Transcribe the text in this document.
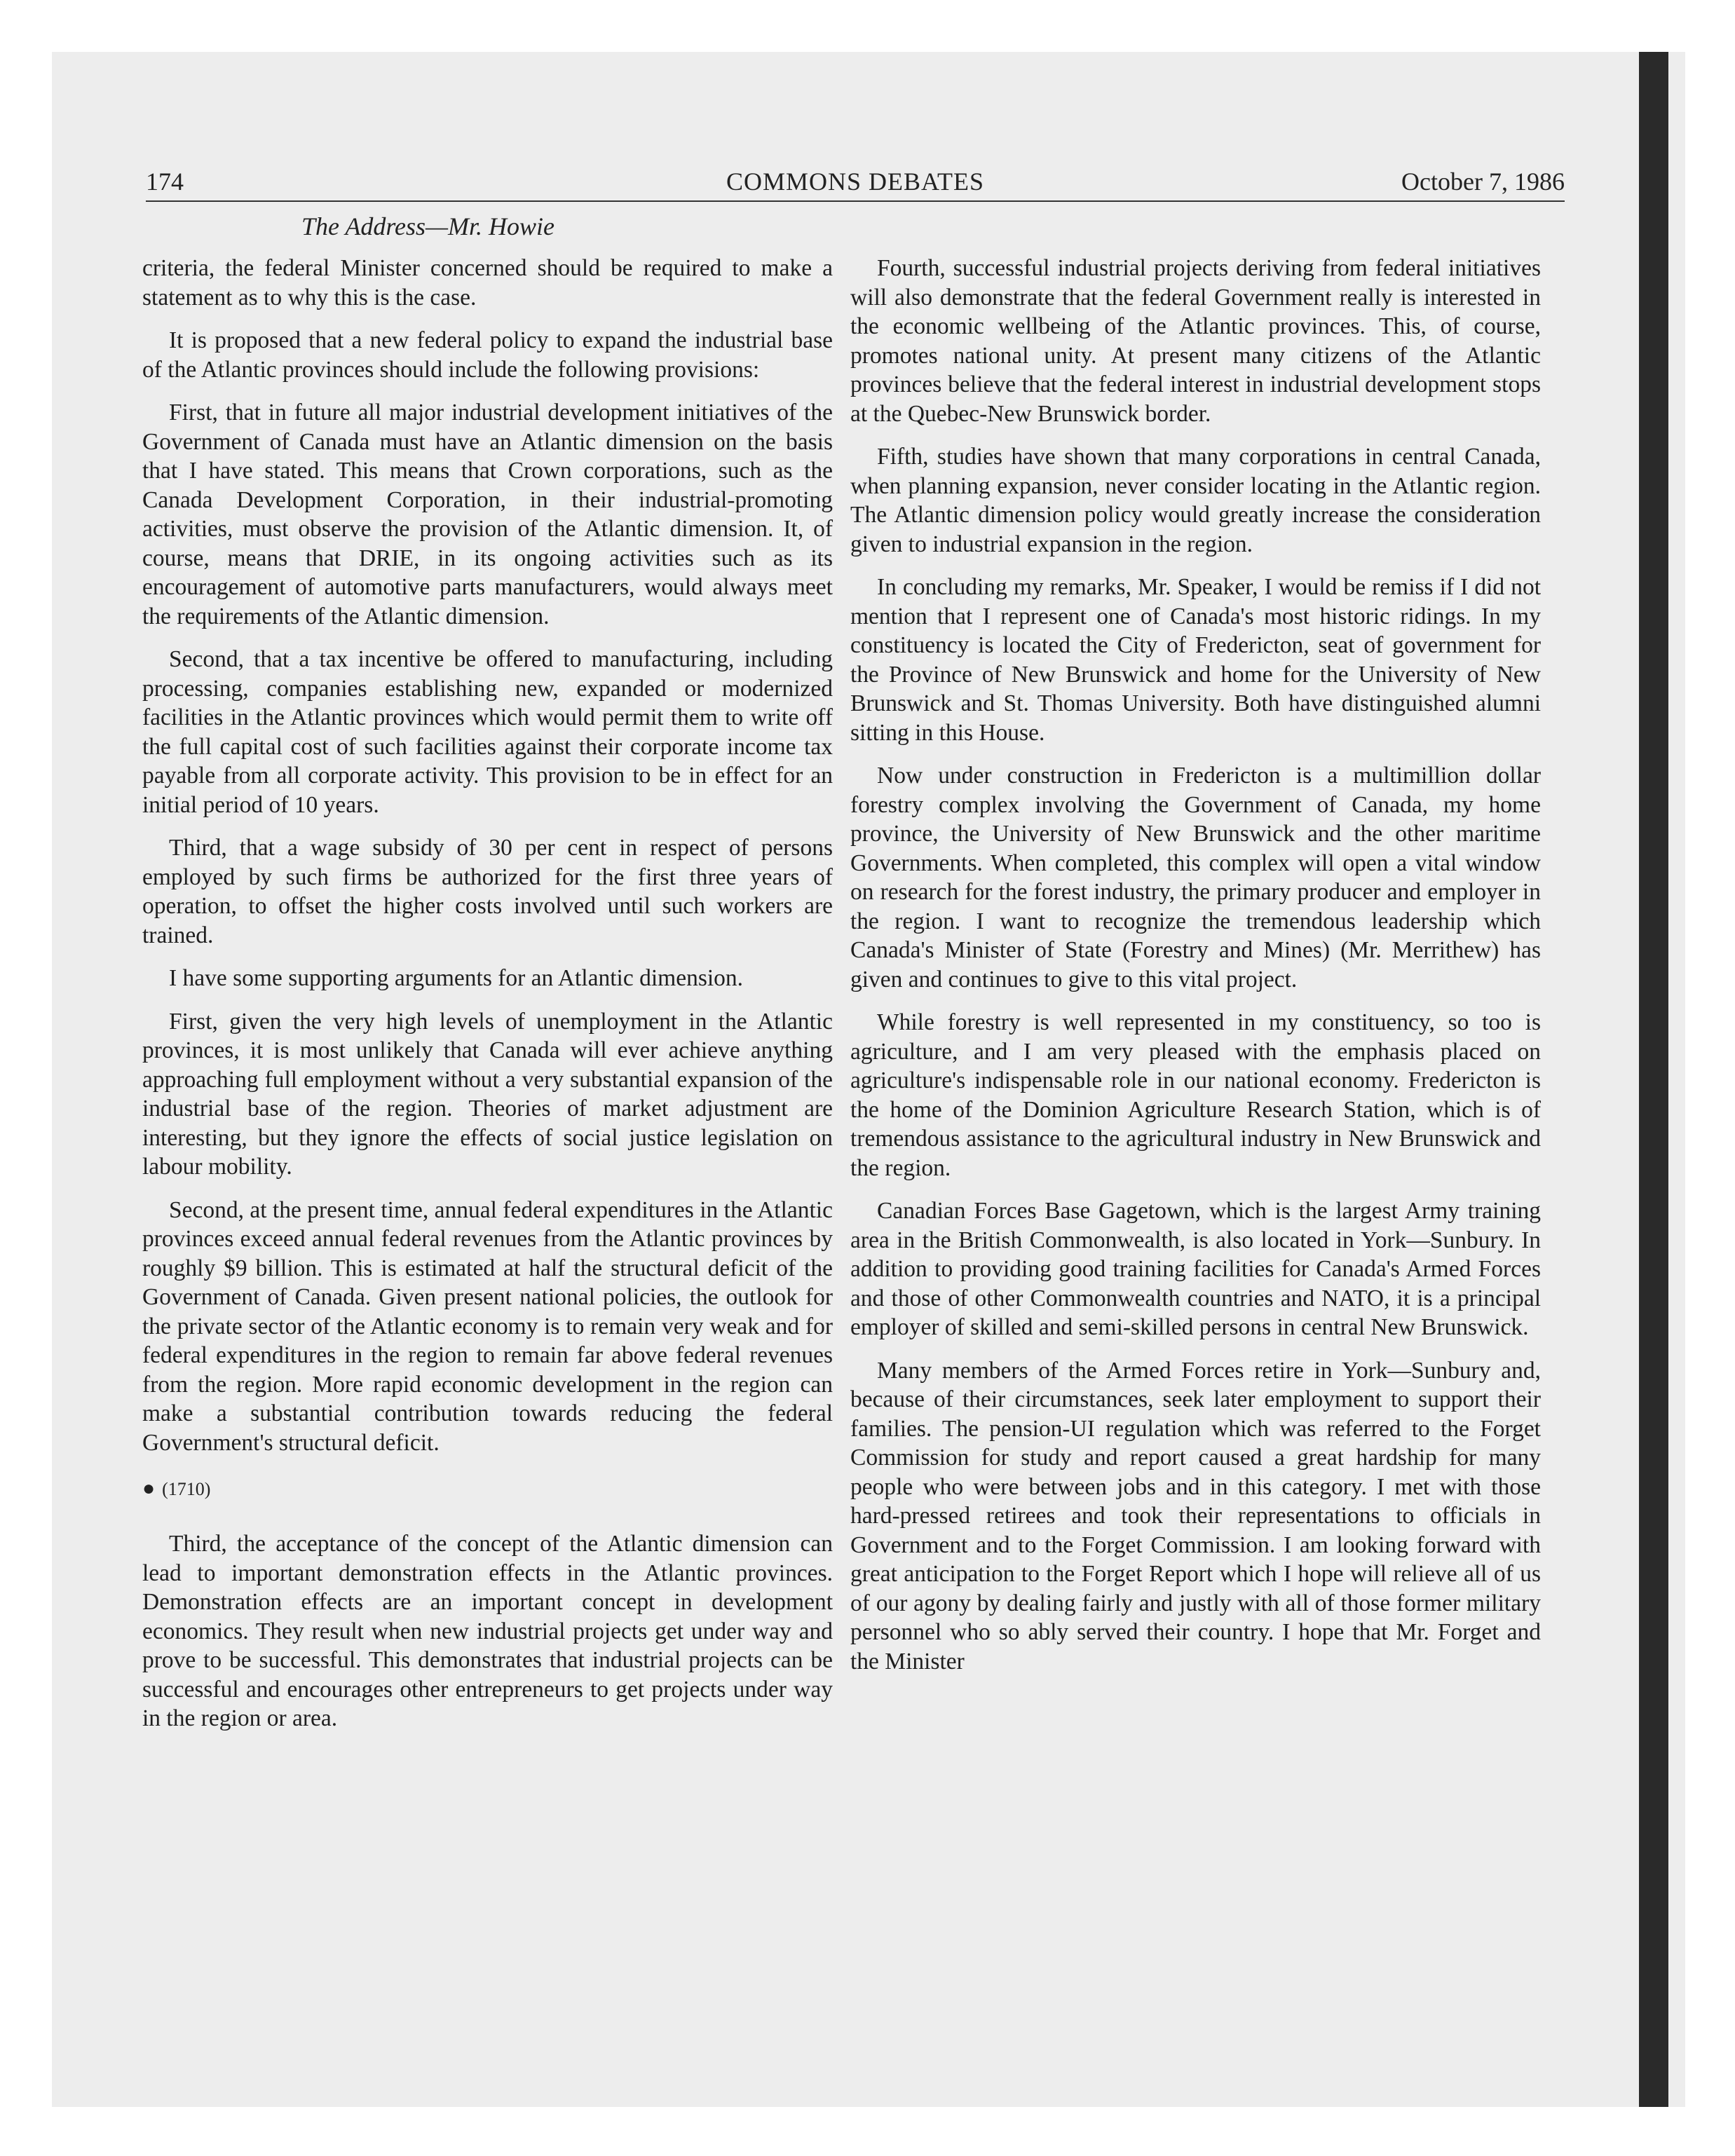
174	COMMONS DEBATES	October 7, 1986
The Address—Mr. Howie

criteria, the federal Minister concerned should be required to make a statement as to why this is the case.

It is proposed that a new federal policy to expand the industrial base of the Atlantic provinces should include the following provisions:

First, that in future all major industrial development initiatives of the Government of Canada must have an Atlantic dimension on the basis that I have stated. This means that Crown corporations, such as the Canada Development Corporation, in their industrial-promoting activities, must observe the provision of the Atlantic dimension. It, of course, means that DRIE, in its ongoing activities such as its encouragement of automotive parts manufacturers, would always meet the requirements of the Atlantic dimension.

Second, that a tax incentive be offered to manufacturing, including processing, companies establishing new, expanded or modernized facilities in the Atlantic provinces which would permit them to write off the full capital cost of such facilities against their corporate income tax payable from all corporate activity. This provision to be in effect for an initial period of 10 years.

Third, that a wage subsidy of 30 per cent in respect of persons employed by such firms be authorized for the first three years of operation, to offset the higher costs involved until such workers are trained.

I have some supporting arguments for an Atlantic dimension.

First, given the very high levels of unemployment in the Atlantic provinces, it is most unlikely that Canada will ever achieve anything approaching full employment without a very substantial expansion of the industrial base of the region. Theories of market adjustment are interesting, but they ignore the effects of social justice legislation on labour mobility.

Second, at the present time, annual federal expenditures in the Atlantic provinces exceed annual federal revenues from the Atlantic provinces by roughly $9 billion. This is estimated at half the structural deficit of the Government of Canada. Given present national policies, the outlook for the private sector of the Atlantic economy is to remain very weak and for federal expenditures in the region to remain far above federal revenues from the region. More rapid economic development in the region can make a substantial contribution towards reducing the federal Government's structural deficit.

● (1710)

Third, the acceptance of the concept of the Atlantic dimension can lead to important demonstration effects in the Atlantic provinces. Demonstration effects are an important concept in development economics. They result when new industrial projects get under way and prove to be successful. This demonstrates that industrial projects can be successful and encourages other entrepreneurs to get projects under way in the region or area.

Fourth, successful industrial projects deriving from federal initiatives will also demonstrate that the federal Government really is interested in the economic wellbeing of the Atlantic provinces. This, of course, promotes national unity. At present many citizens of the Atlantic provinces believe that the federal interest in industrial development stops at the Quebec-New Brunswick border.

Fifth, studies have shown that many corporations in central Canada, when planning expansion, never consider locating in the Atlantic region. The Atlantic dimension policy would greatly increase the consideration given to industrial expansion in the region.

In concluding my remarks, Mr. Speaker, I would be remiss if I did not mention that I represent one of Canada's most historic ridings. In my constituency is located the City of Fredericton, seat of government for the Province of New Brunswick and home for the University of New Brunswick and St. Thomas University. Both have distinguished alumni sitting in this House.

Now under construction in Fredericton is a multimillion dollar forestry complex involving the Government of Canada, my home province, the University of New Brunswick and the other maritime Governments. When completed, this complex will open a vital window on research for the forest industry, the primary producer and employer in the region. I want to recognize the tremendous leadership which Canada's Minister of State (Forestry and Mines) (Mr. Merrithew) has given and continues to give to this vital project.

While forestry is well represented in my constituency, so too is agriculture, and I am very pleased with the emphasis placed on agriculture's indispensable role in our national economy. Fredericton is the home of the Dominion Agriculture Research Station, which is of tremendous assistance to the agricultural industry in New Brunswick and the region.

Canadian Forces Base Gagetown, which is the largest Army training area in the British Commonwealth, is also located in York—Sunbury. In addition to providing good training facilities for Canada's Armed Forces and those of other Commonwealth countries and NATO, it is a principal employer of skilled and semi-skilled persons in central New Brunswick.

Many members of the Armed Forces retire in York—Sunbury and, because of their circumstances, seek later employment to support their families. The pension-UI regulation which was referred to the Forget Commission for study and report caused a great hardship for many people who were between jobs and in this category. I met with those hard-pressed retirees and took their representations to officials in Government and to the Forget Commission. I am looking forward with great anticipation to the Forget Report which I hope will relieve all of us of our agony by dealing fairly and justly with all of those former military personnel who so ably served their country. I hope that Mr. Forget and the Minister
